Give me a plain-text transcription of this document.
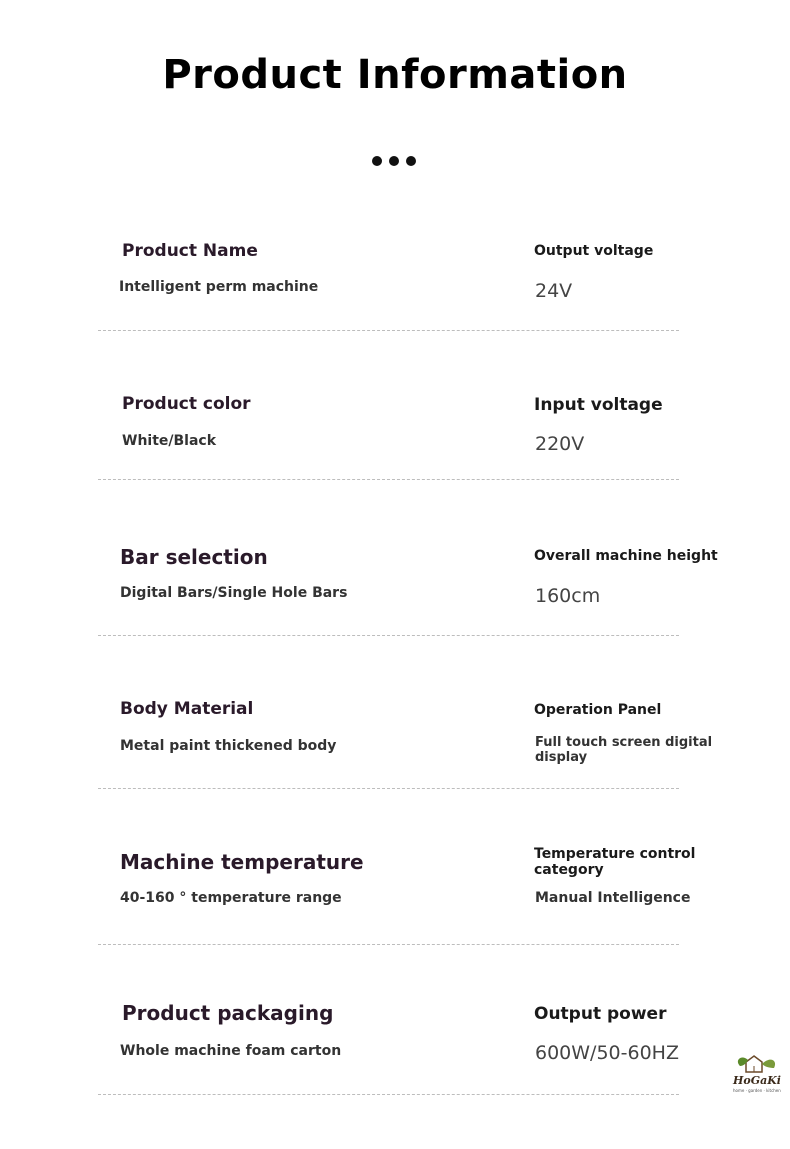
Product Information
Product Name
Intelligent perm machine
Output voltage
24V
Product color
White/Black
Input voltage
220V
Bar selection
Digital Bars/Single Hole Bars
Overall machine height
160cm
Body Material
Metal paint thickened body
Operation Panel
Full touch screen digital display
Machine temperature
40-160 ° temperature range
Temperature control category
Manual Intelligence
Product packaging
Whole machine foam carton
Output power
600W/50-60HZ
HoGaKi
home · garden · kitchen
